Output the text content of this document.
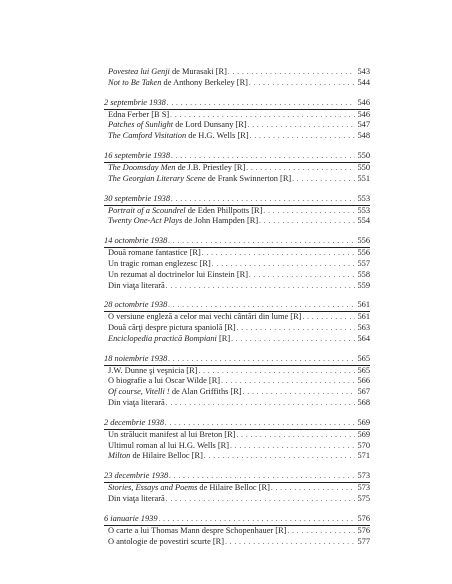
Povestea lui Genji de Murasaki [R] . . .	543
Not to Be Taken de Anthony Berkeley [R] . . .	544
2 septembrie 1938 . . .	546
Edna Ferber [B S] . . .	546
Patches of Sunlight de Lord Dunsany [R] . . .	547
The Camford Visitation de H.G. Wells [R] . . .	548
16 septembrie 1938 . . .	550
The Doomsday Men de J.B. Priestley [R] . . .	550
The Georgian Literary Scene de Frank Swinnerton [R] . . .	551
30 septembrie 1938 . . .	553
Portrait of a Scoundrel de Eden Phillpotts [R] . . .	553
Twenty One-Act Plays de John Hampden [R] . . .	554
14 octombrie 1938 . . .	556
Două romane fantastice [R] . . .	556
Un tragic roman englezesc [R] . . .	557
Un rezumat al doctrinelor lui Einstein [R] . . .	558
Din viaţa literară . . .	559
28 octombrie 1938 . . .	561
O versiune engleză a celor mai vechi cântări din lume [R] . . .	561
Două cărţi despre pictura spaniolă [R] . . .	563
Enciclopedia practică Bompiani [R] . . .	564
18 noiembrie 1938 . . .	565
J.W. Dunne şi veşnicia [R] . . .	565
O biografie a lui Oscar Wilde [R] . . .	566
Of course, Vitelli ! de Alan Griffiths [R] . . .	567
Din viaţa literară . . .	568
2 decembrie 1938 . . .	569
Un strălucit manifest al lui Breton [R] . . .	569
Ultimul roman al lui H.G. Wells [R] . . .	570
Milton de Hilaire Belloc [R] . . .	571
23 decembrie 1938 . . .	573
Stories, Essays and Poems de Hilaire Belloc [R] . . .	573
Din viaţa literară . . .	575
6 ianuarie 1939 . . .	576
O carte a lui Thomas Mann despre Schopenhauer [R] . . .	576
O antologie de povestiri scurte [R] . . .	577
